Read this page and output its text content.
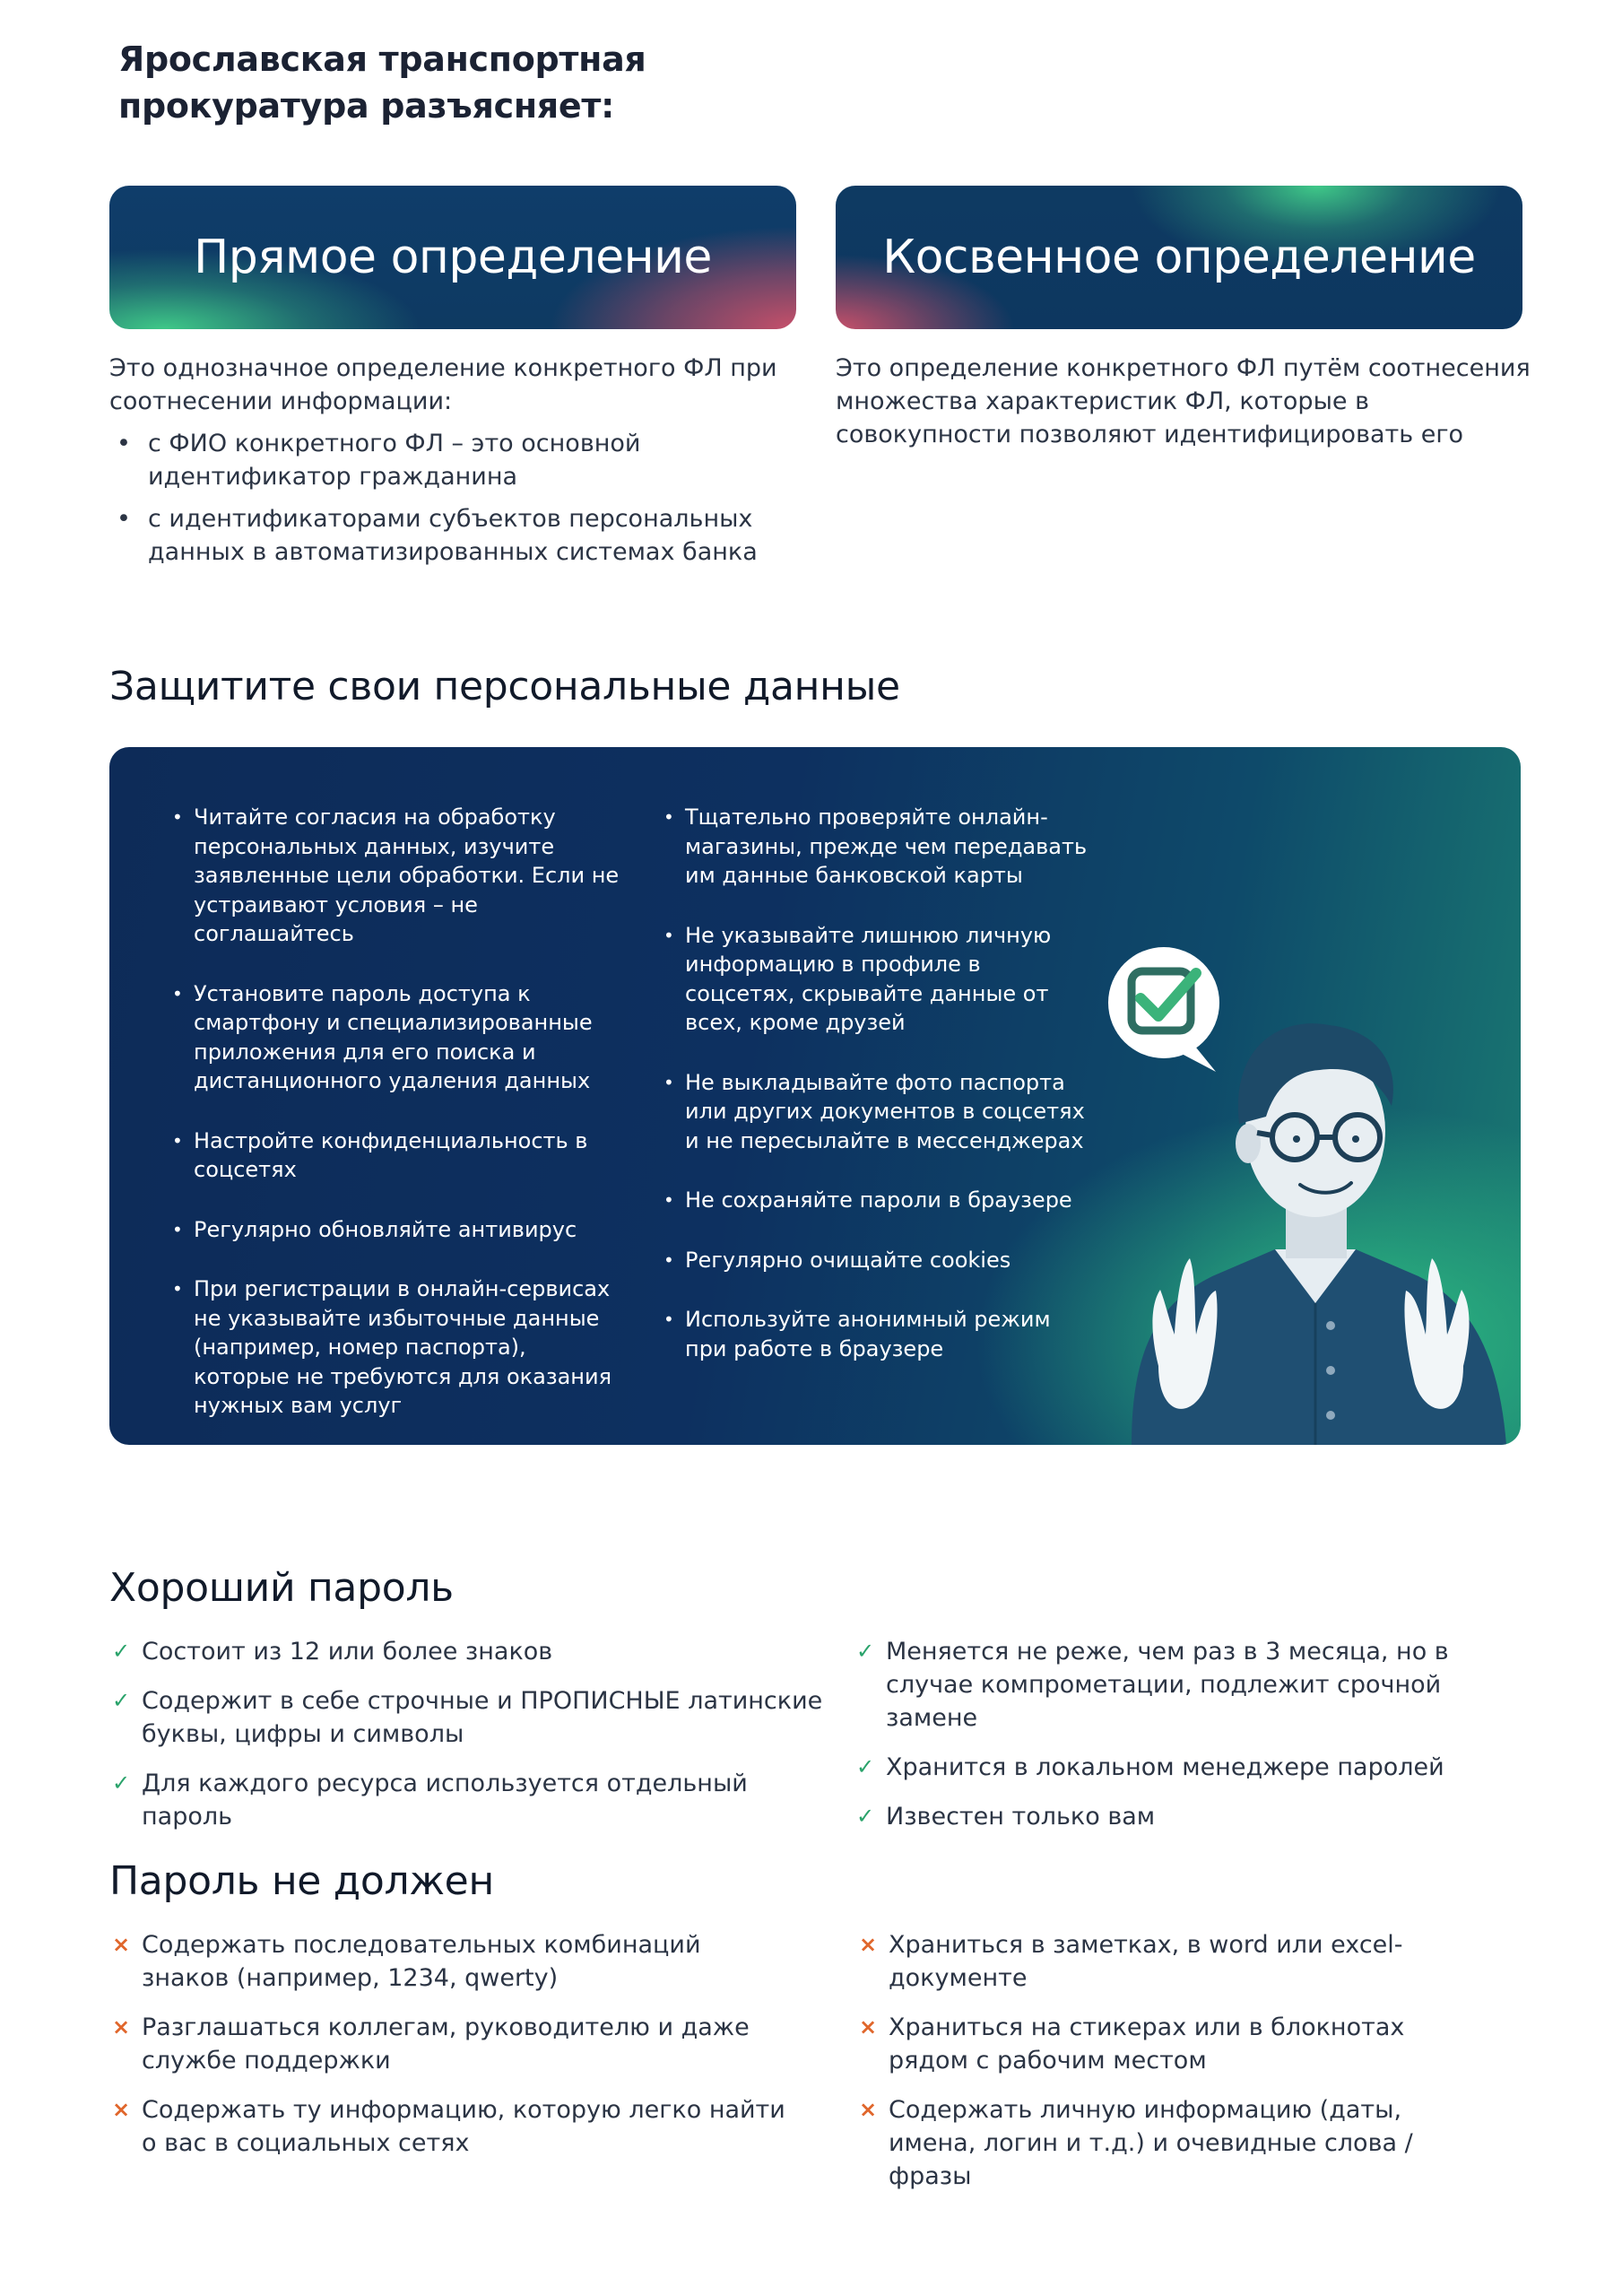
Ярославская транспортная
прокуратура разъясняет:
Прямое определение	Косвенное определение

Это однозначное определение конкретного ФЛ при соотнесении информации:

• с ФИО конкретного ФЛ – это основной идентификатор гражданина
• с идентификаторами субъектов персональных данных в автоматизированных системах банка

Это определение конкретного ФЛ путём соотнесения множества характеристик ФЛ, которые в совокупности позволяют идентифицировать его

Защитите свои персональные данные
• Читайте согласия на обработку персональных данных, изучите заявленные цели обработки. Если не устраивают условия – не соглашайтесь
• Установите пароль доступа к смартфону и специализированные приложения для его поиска и дистанционного удаления данных
• Настройте конфиденциальность в соцсетях
• Регулярно обновляйте антивирус
• При регистрации в онлайн-сервисах не указывайте избыточные данные (например, номер паспорта), которые не требуются для оказания нужных вам услуг
• Тщательно проверяйте онлайн-магазины, прежде чем передавать им данные банковской карты
• Не указывайте лишнюю личную информацию в профиле в соцсетях, скрывайте данные от всех, кроме друзей
• Не выкладывайте фото паспорта или других документов в соцсетях и не пересылайте в мессенджерах
• Не сохраняйте пароли в браузере
• Регулярно очищайте cookies
• Используйте анонимный режим при работе в браузере
Хороший пароль
✓ Состоит из 12 или более знаков
✓ Содержит в себе строчные и ПРОПИСНЫЕ латинские буквы, цифры и символы
✓ Для каждого ресурса используется отдельный пароль
✓ Меняется не реже, чем раз в 3 месяца, но в случае компрометации, подлежит срочной замене
✓ Хранится в локальном менеджере паролей
✓ Известен только вам
Пароль не должен
× Содержать последовательных комбинаций знаков (например, 1234, qwerty)
× Разглашаться коллегам, руководителю и даже службе поддержки
× Содержать ту информацию, которую легко найти о вас в социальных сетях
× Храниться в заметках, в word или excel-документе
× Храниться на стикерах или в блокнотах рядом с рабочим местом
× Содержать личную информацию (даты, имена, логин и т.д.) и очевидные слова / фразы
